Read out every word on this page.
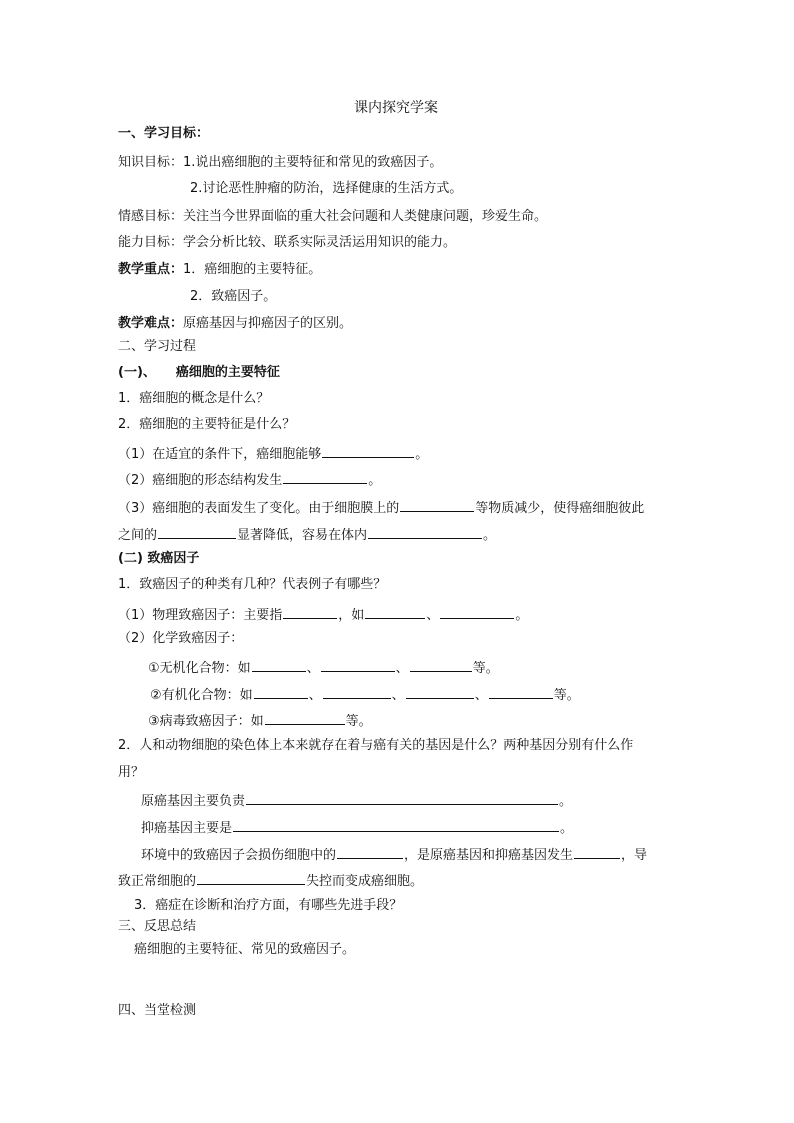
课内探究学案
一、学习目标：
知识目标：1.说出癌细胞的主要特征和常见的致癌因子。
2.讨论恶性肿瘤的防治，选择健康的生活方式。
情感目标：关注当今世界面临的重大社会问题和人类健康问题，珍爱生命。
能力目标：学会分析比较、联系实际灵活运用知识的能力。
教学重点：1．癌细胞的主要特征。
2．致癌因子。
教学难点：原癌基因与抑癌因子的区别。
二、学习过程
(一)、 癌细胞的主要特征
1．癌细胞的概念是什么？
2．癌细胞的主要特征是什么？
（1）在适宜的条件下，癌细胞能够	。
（2）癌细胞的形态结构发生	。
（3）癌细胞的表面发生了变化。由于细胞膜上的	等物质减少，使得癌细胞彼此
之间的	显著降低，容易在体内	。
(二) 致癌因子
1．致癌因子的种类有几种？代表例子有哪些？
（1）物理致癌因子：主要指	，如	、	。
（2）化学致癌因子：
①无机化合物：如	、	、	等。
②有机化合物：如	、	、	、	等。
③病毒致癌因子：如	等。
2．人和动物细胞的染色体上本来就存在着与癌有关的基因是什么？两种基因分别有什么作
用？
原癌基因主要负责	。
抑癌基因主要是	。
环境中的致癌因子会损伤细胞中的	，是原癌基因和抑癌基因发生	，导
致正常细胞的	失控而变成癌细胞。
3．癌症在诊断和治疗方面，有哪些先进手段？
三、反思总结
癌细胞的主要特征、常见的致癌因子。
四、当堂检测
